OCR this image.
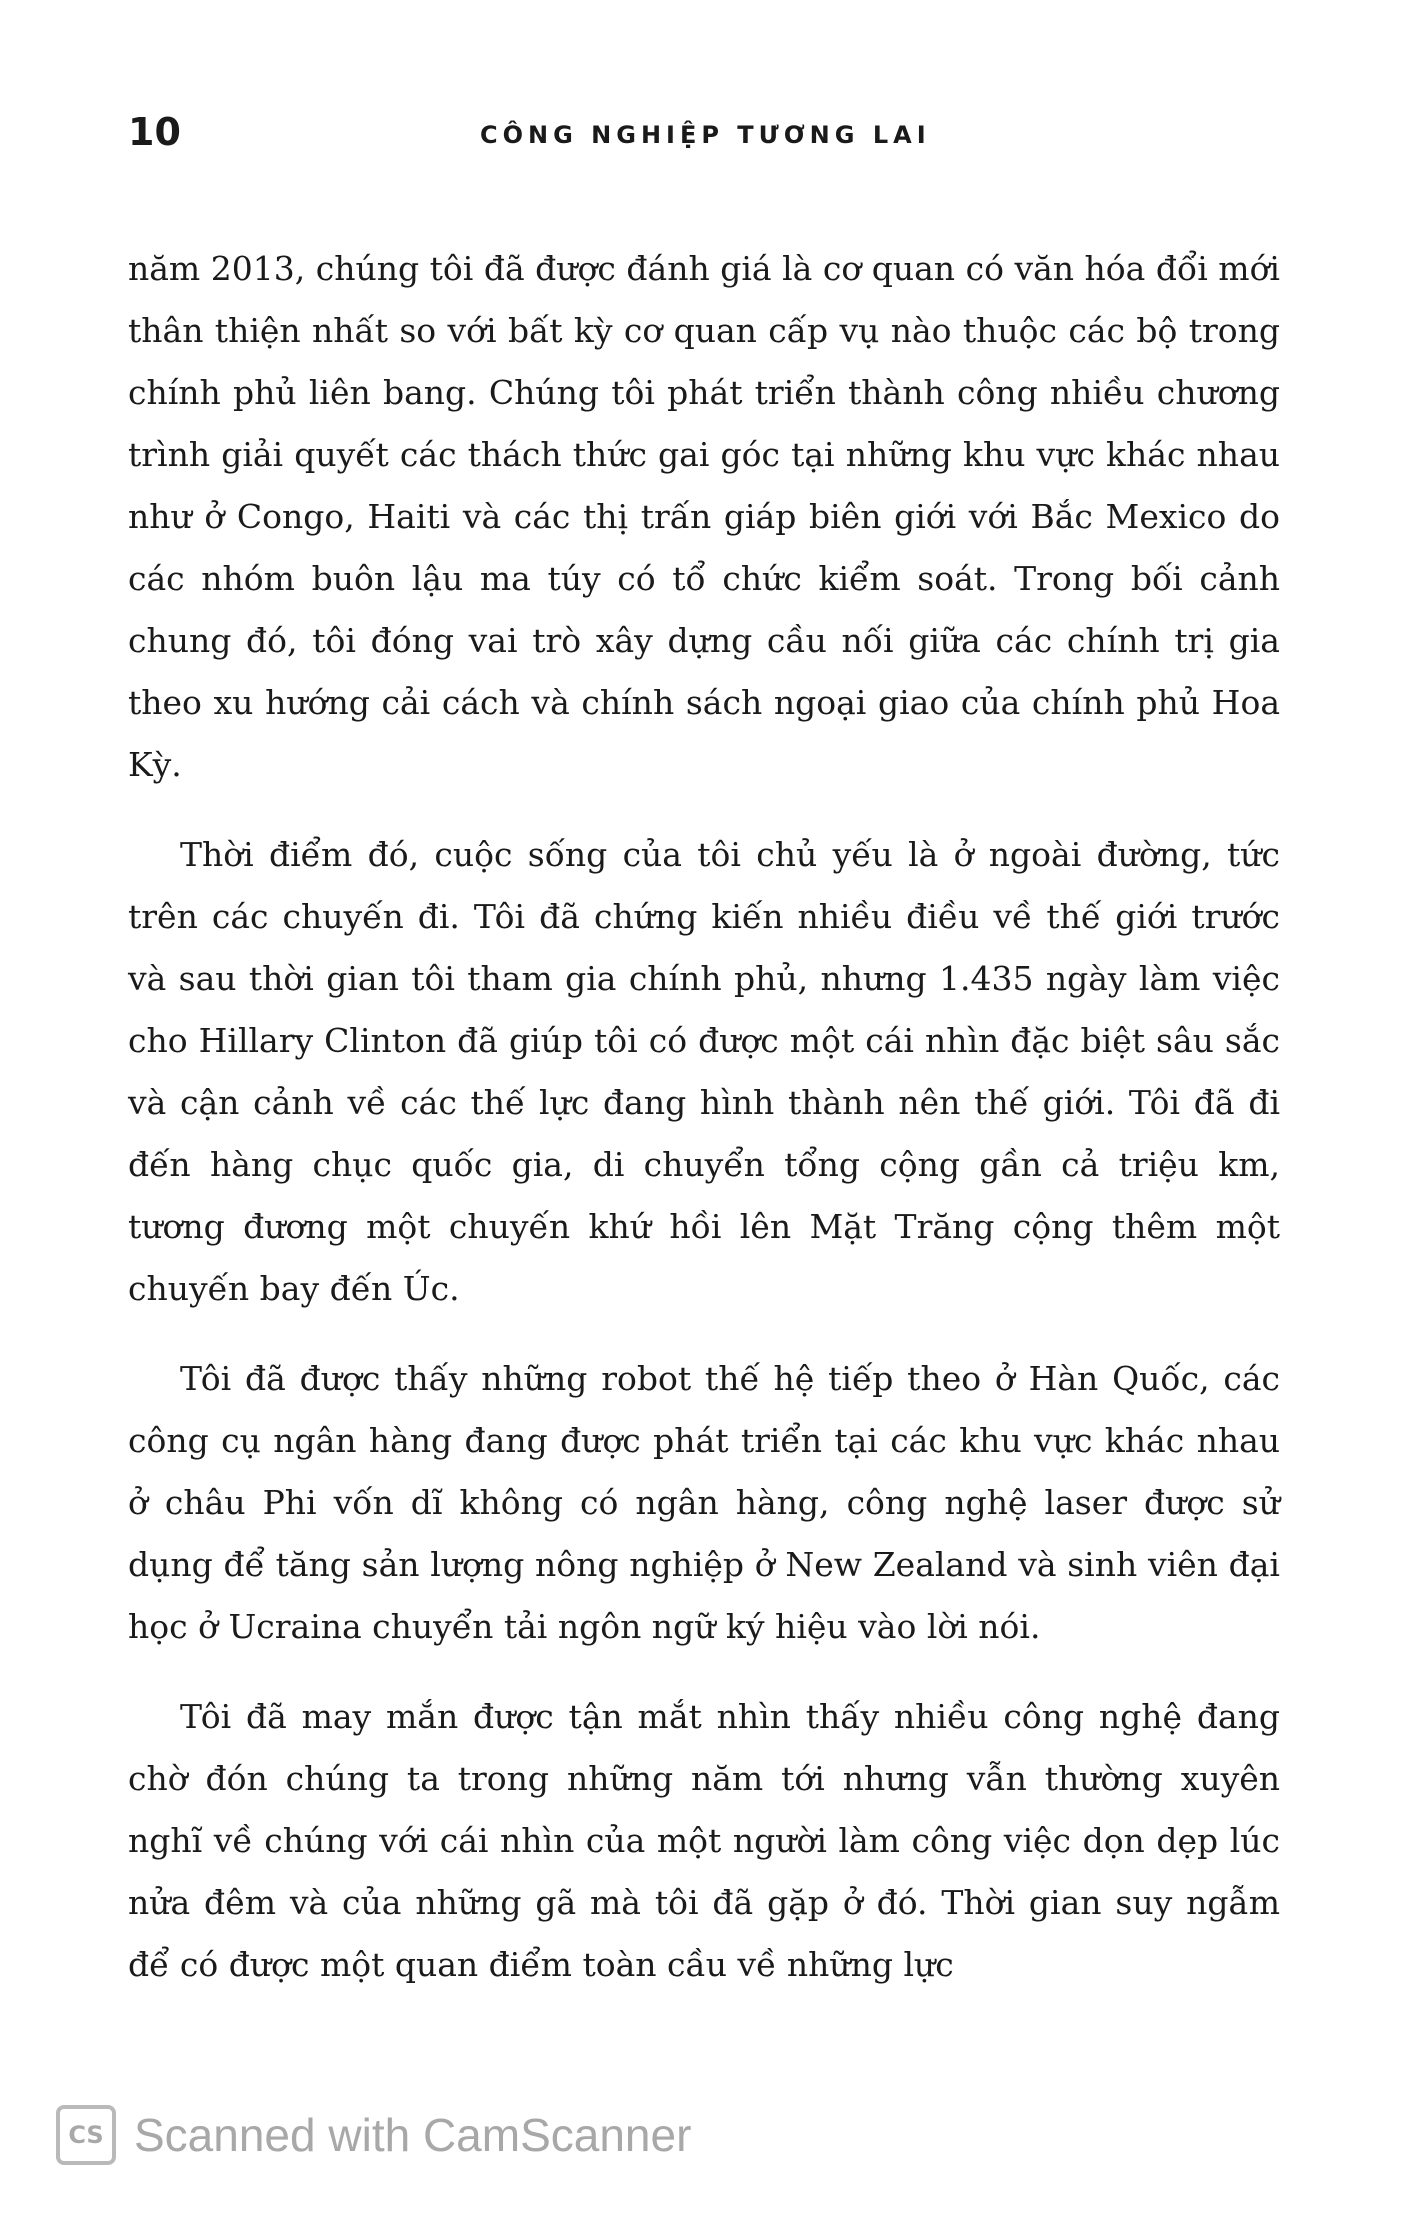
10	CÔNG NGHIỆP TƯƠNG LAI

năm 2013, chúng tôi đã được đánh giá là cơ quan có văn hóa đổi mới thân thiện nhất so với bất kỳ cơ quan cấp vụ nào thuộc các bộ trong chính phủ liên bang. Chúng tôi phát triển thành công nhiều chương trình giải quyết các thách thức gai góc tại những khu vực khác nhau như ở Congo, Haiti và các thị trấn giáp biên giới với Bắc Mexico do các nhóm buôn lậu ma túy có tổ chức kiểm soát. Trong bối cảnh chung đó, tôi đóng vai trò xây dựng cầu nối giữa các chính trị gia theo xu hướng cải cách và chính sách ngoại giao của chính phủ Hoa Kỳ.

Thời điểm đó, cuộc sống của tôi chủ yếu là ở ngoài đường, tức trên các chuyến đi. Tôi đã chứng kiến nhiều điều về thế giới trước và sau thời gian tôi tham gia chính phủ, nhưng 1.435 ngày làm việc cho Hillary Clinton đã giúp tôi có được một cái nhìn đặc biệt sâu sắc và cận cảnh về các thế lực đang hình thành nên thế giới. Tôi đã đi đến hàng chục quốc gia, di chuyển tổng cộng gần cả triệu km, tương đương một chuyến khứ hồi lên Mặt Trăng cộng thêm một chuyến bay đến Úc.

Tôi đã được thấy những robot thế hệ tiếp theo ở Hàn Quốc, các công cụ ngân hàng đang được phát triển tại các khu vực khác nhau ở châu Phi vốn dĩ không có ngân hàng, công nghệ laser được sử dụng để tăng sản lượng nông nghiệp ở New Zealand và sinh viên đại học ở Ucraina chuyển tải ngôn ngữ ký hiệu vào lời nói.

Tôi đã may mắn được tận mắt nhìn thấy nhiều công nghệ đang chờ đón chúng ta trong những năm tới nhưng vẫn thường xuyên nghĩ về chúng với cái nhìn của một người làm công việc dọn dẹp lúc nửa đêm và của những gã mà tôi đã gặp ở đó. Thời gian suy ngẫm để có được một quan điểm toàn cầu về những lực

CS Scanned with CamScanner
